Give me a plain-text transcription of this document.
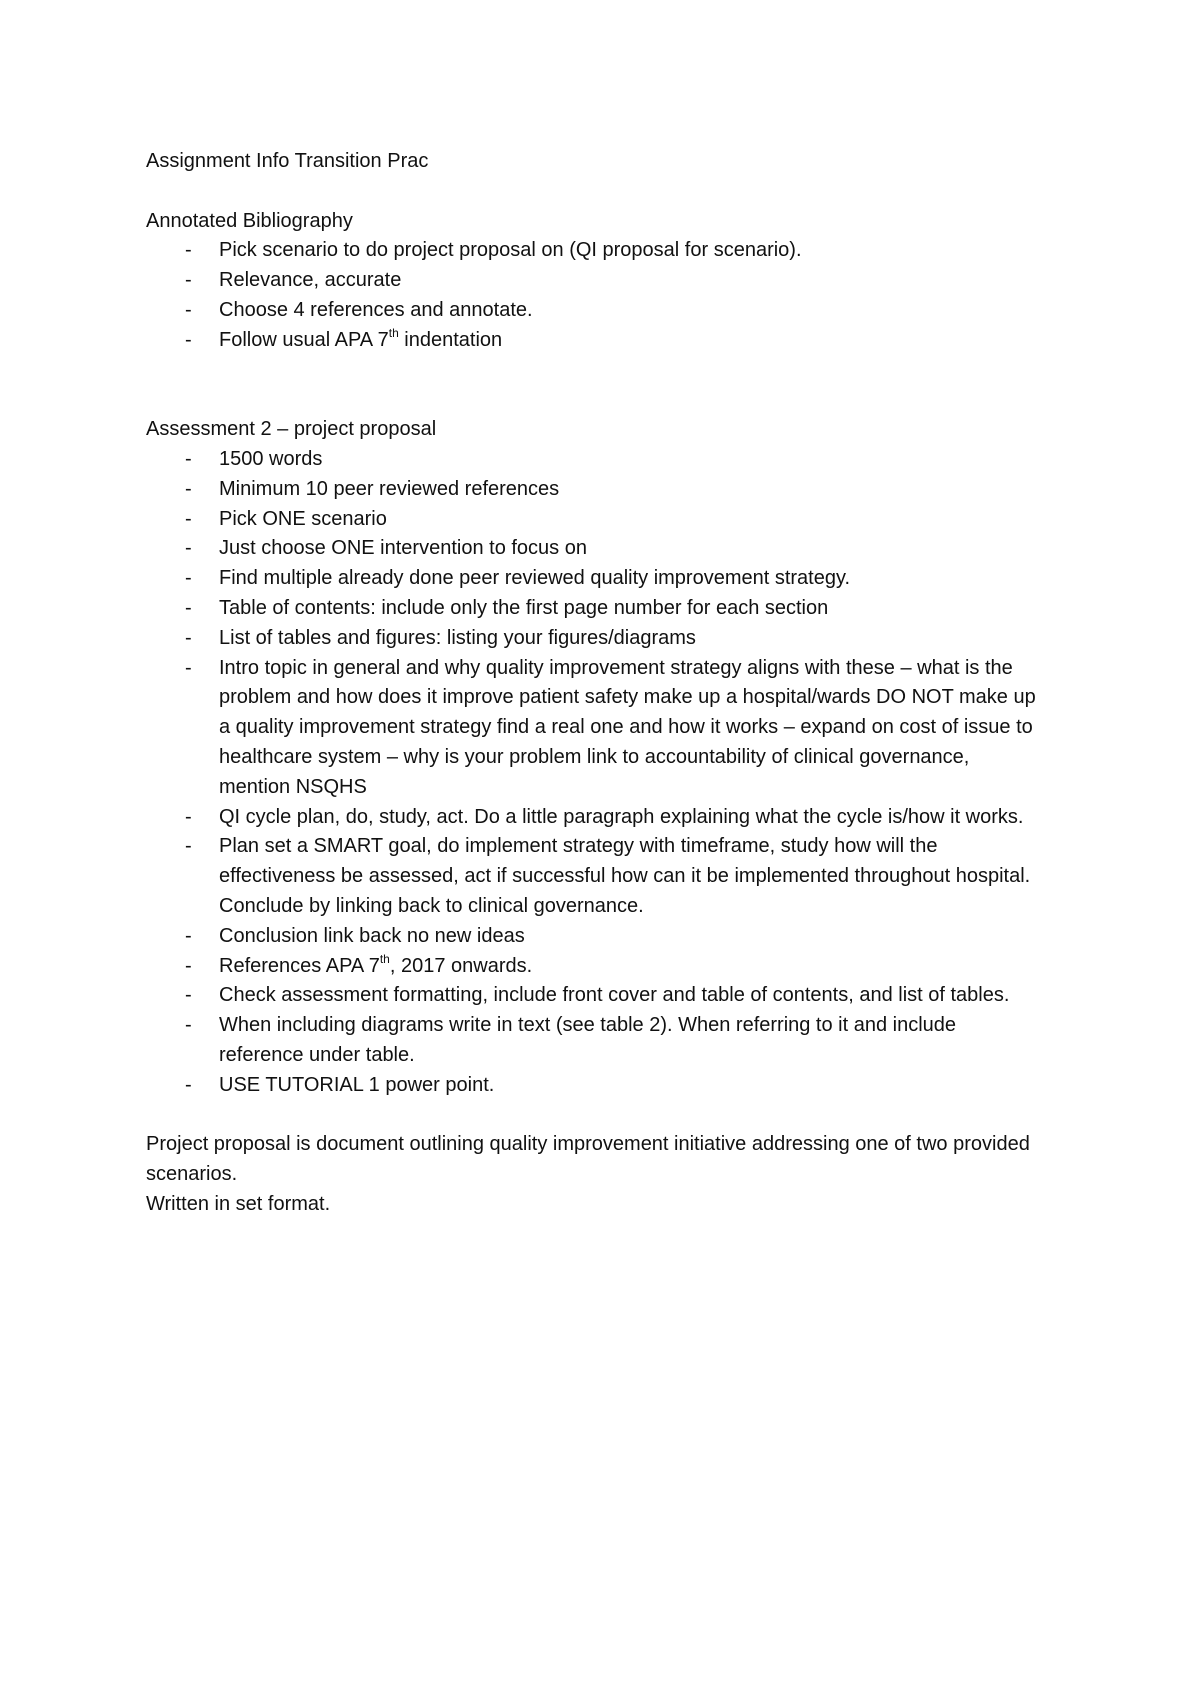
Assignment Info Transition Prac

Annotated Bibliography

- Pick scenario to do project proposal on (QI proposal for scenario).
- Relevance, accurate
- Choose 4 references and annotate.
- Follow usual APA 7th indentation

Assessment 2 – project proposal

- 1500 words
- Minimum 10 peer reviewed references
- Pick ONE scenario
- Just choose ONE intervention to focus on
- Find multiple already done peer reviewed quality improvement strategy.
- Table of contents: include only the first page number for each section
- List of tables and figures: listing your figures/diagrams
- Intro topic in general and why quality improvement strategy aligns with these – what is the problem and how does it improve patient safety make up a hospital/wards DO NOT make up a quality improvement strategy find a real one and how it works – expand on cost of issue to healthcare system – why is your problem link to accountability of clinical governance, mention NSQHS
- QI cycle plan, do, study, act. Do a little paragraph explaining what the cycle is/how it works.
- Plan set a SMART goal, do implement strategy with timeframe, study how will the effectiveness be assessed, act if successful how can it be implemented throughout hospital. Conclude by linking back to clinical governance.
- Conclusion link back no new ideas
- References APA 7th, 2017 onwards.
- Check assessment formatting, include front cover and table of contents, and list of tables.
- When including diagrams write in text (see table 2). When referring to it and include reference under table.
- USE TUTORIAL 1 power point.

Project proposal is document outlining quality improvement initiative addressing one of two provided scenarios.

Written in set format.
